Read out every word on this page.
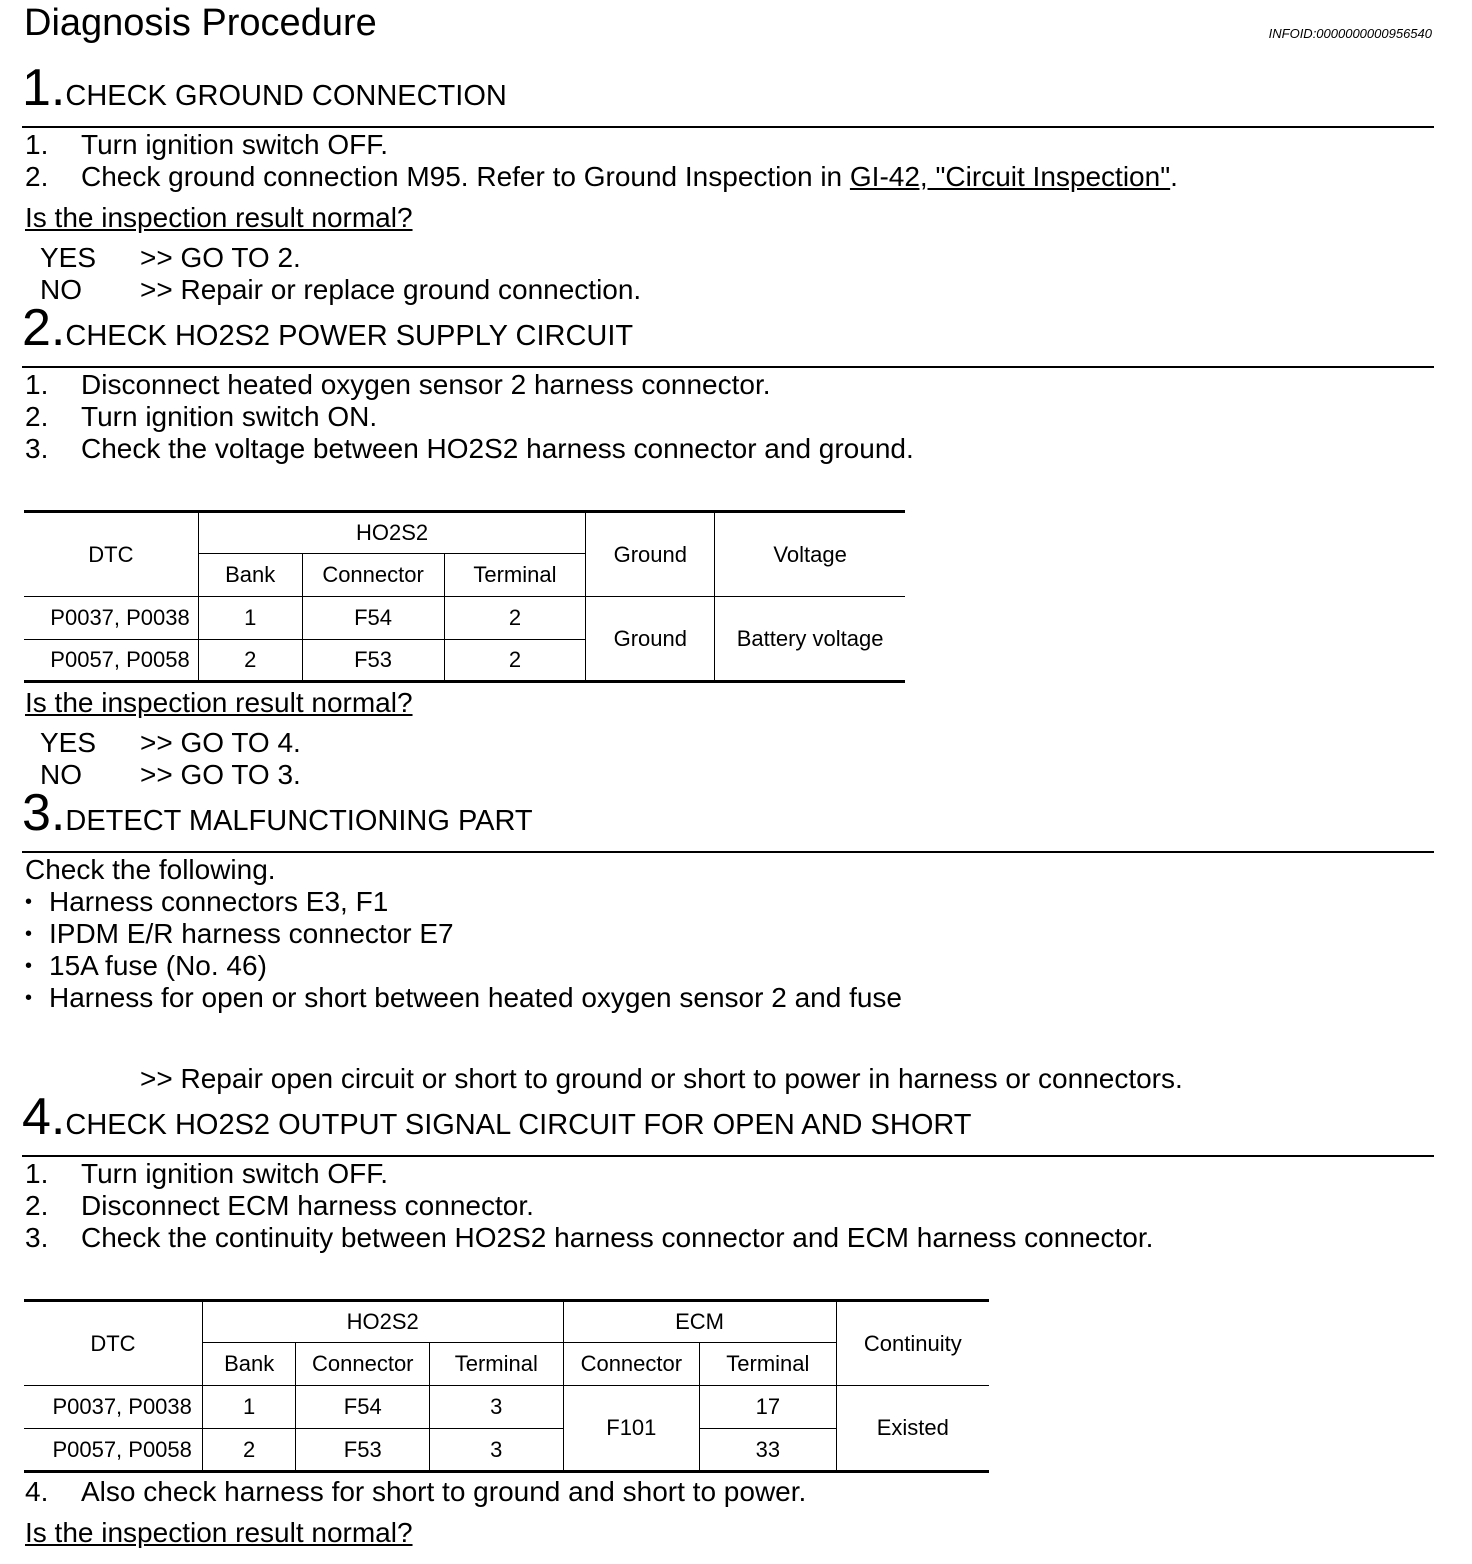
Diagnosis Procedure	INFOID:0000000000956540
1.CHECK GROUND CONNECTION
1. Turn ignition switch OFF.
2. Check ground connection M95. Refer to Ground Inspection in GI-42, "Circuit Inspection".
Is the inspection result normal?
YES >> GO TO 2.
NO >> Repair or replace ground connection.
2.CHECK HO2S2 POWER SUPPLY CIRCUIT
1. Disconnect heated oxygen sensor 2 harness connector.
2. Turn ignition switch ON.
3. Check the voltage between HO2S2 harness connector and ground.
DTC	HO2S2			Ground	Voltage
	Bank	Connector	Terminal		
P0037, P0038	1	F54	2	Ground	Battery voltage
P0057, P0058	2	F53	2		
Is the inspection result normal?
YES >> GO TO 4.
NO >> GO TO 3.
3.DETECT MALFUNCTIONING PART
Check the following.
• Harness connectors E3, F1
• IPDM E/R harness connector E7
• 15A fuse (No. 46)
• Harness for open or short between heated oxygen sensor 2 and fuse
>> Repair open circuit or short to ground or short to power in harness or connectors.
4.CHECK HO2S2 OUTPUT SIGNAL CIRCUIT FOR OPEN AND SHORT
1. Turn ignition switch OFF.
2. Disconnect ECM harness connector.
3. Check the continuity between HO2S2 harness connector and ECM harness connector.
DTC	HO2S2			ECM		Continuity
	Bank	Connector	Terminal	Connector	Terminal	
P0037, P0038	1	F54	3	F101	17	Existed
P0057, P0058	2	F53	3		33	
4. Also check harness for short to ground and short to power.
Is the inspection result normal?
